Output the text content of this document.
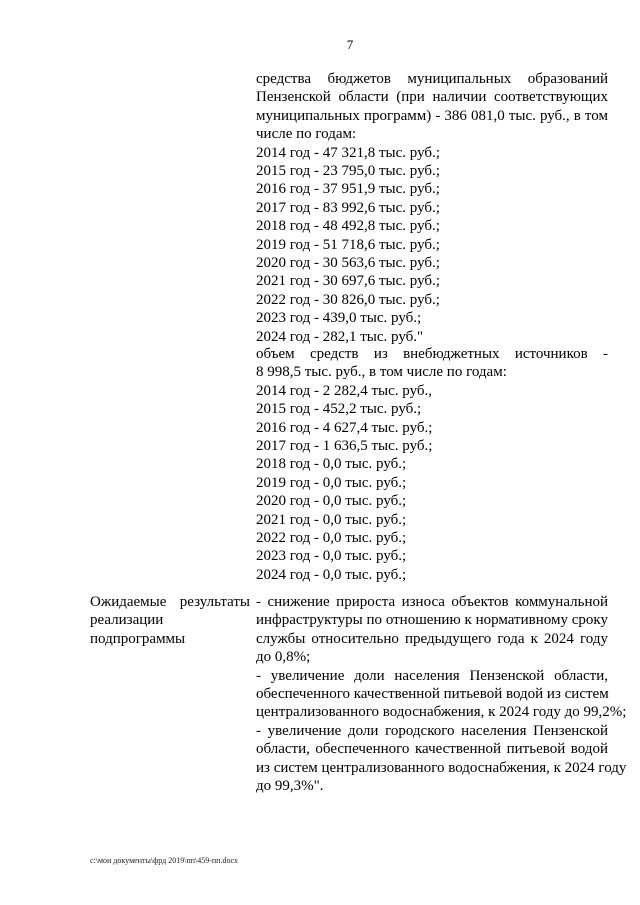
7
средства бюджетов муниципальных образований
Пензенской области (при наличии соответствующих
муниципальных программ) - 386 081,0 тыс. руб., в том
числе по годам:
2014 год - 47 321,8 тыс. руб.;
2015 год - 23 795,0 тыс. руб.;
2016 год - 37 951,9 тыс. руб.;
2017 год - 83 992,6 тыс. руб.;
2018 год - 48 492,8 тыс. руб.;
2019 год - 51 718,6 тыс. руб.;
2020 год - 30 563,6 тыс. руб.;
2021 год - 30 697,6 тыс. руб.;
2022 год - 30 826,0 тыс. руб.;
2023 год - 439,0 тыс. руб.;
2024 год - 282,1 тыс. руб."
объем средств из внебюджетных источников -
8 998,5 тыс. руб., в том числе по годам:
2014 год - 2 282,4 тыс. руб.,
2015 год - 452,2 тыс. руб.;
2016 год - 4 627,4 тыс. руб.;
2017 год - 1 636,5 тыс. руб.;
2018 год - 0,0 тыс. руб.;
2019 год - 0,0 тыс. руб.;
2020 год - 0,0 тыс. руб.;
2021 год - 0,0 тыс. руб.;
2022 год - 0,0 тыс. руб.;
2023 год - 0,0 тыс. руб.;
2024 год - 0,0 тыс. руб.;
Ожидаемые результаты
реализации
подпрограммы
- снижение прироста износа объектов коммунальной
инфраструктуры по отношению к нормативному сроку
службы относительно предыдущего года к 2024 году
до 0,8%;
- увеличение доли населения Пензенской области,
обеспеченного качественной питьевой водой из систем
централизованного водоснабжения, к 2024 году до 99,2%;
- увеличение доли городского населения Пензенской
области, обеспеченного качественной питьевой водой
из систем централизованного водоснабжения, к 2024 году
до 99,3%".
c:\мои документы\фрд 2019\пп\459-пп.docx
